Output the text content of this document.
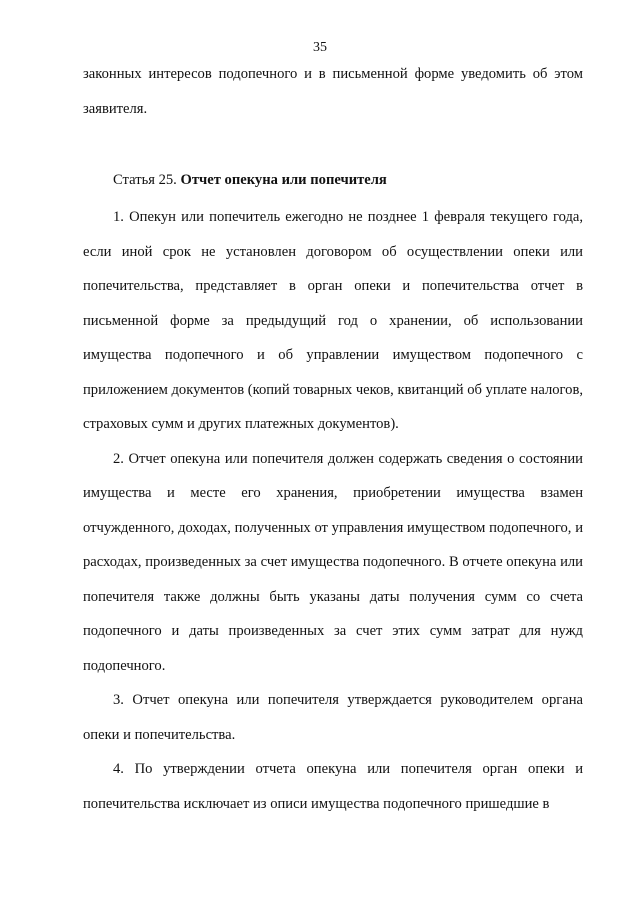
35

законных интересов подопечного и в письменной форме уведомить об этом заявителя.

Статья 25. Отчет опекуна или попечителя

1. Опекун или попечитель ежегодно не позднее 1 февраля текущего года, если иной срок не установлен договором об осуществлении опеки или попечительства, представляет в орган опеки и попечительства отчет в письменной форме за предыдущий год о хранении, об использовании имущества подопечного и об управлении имуществом подопечного с приложением документов (копий товарных чеков, квитанций об уплате налогов, страховых сумм и других платежных документов).

2. Отчет опекуна или попечителя должен содержать сведения о состоянии имущества и месте его хранения, приобретении имущества взамен отчужденного, доходах, полученных от управления имуществом подопечного, и расходах, произведенных за счет имущества подопечного. В отчете опекуна или попечителя также должны быть указаны даты получения сумм со счета подопечного и даты произведенных за счет этих сумм затрат для нужд подопечного.

3. Отчет опекуна или попечителя утверждается руководителем органа опеки и попечительства.

4. По утверждении отчета опекуна или попечителя орган опеки и попечительства исключает из описи имущества подопечного пришедшие в
